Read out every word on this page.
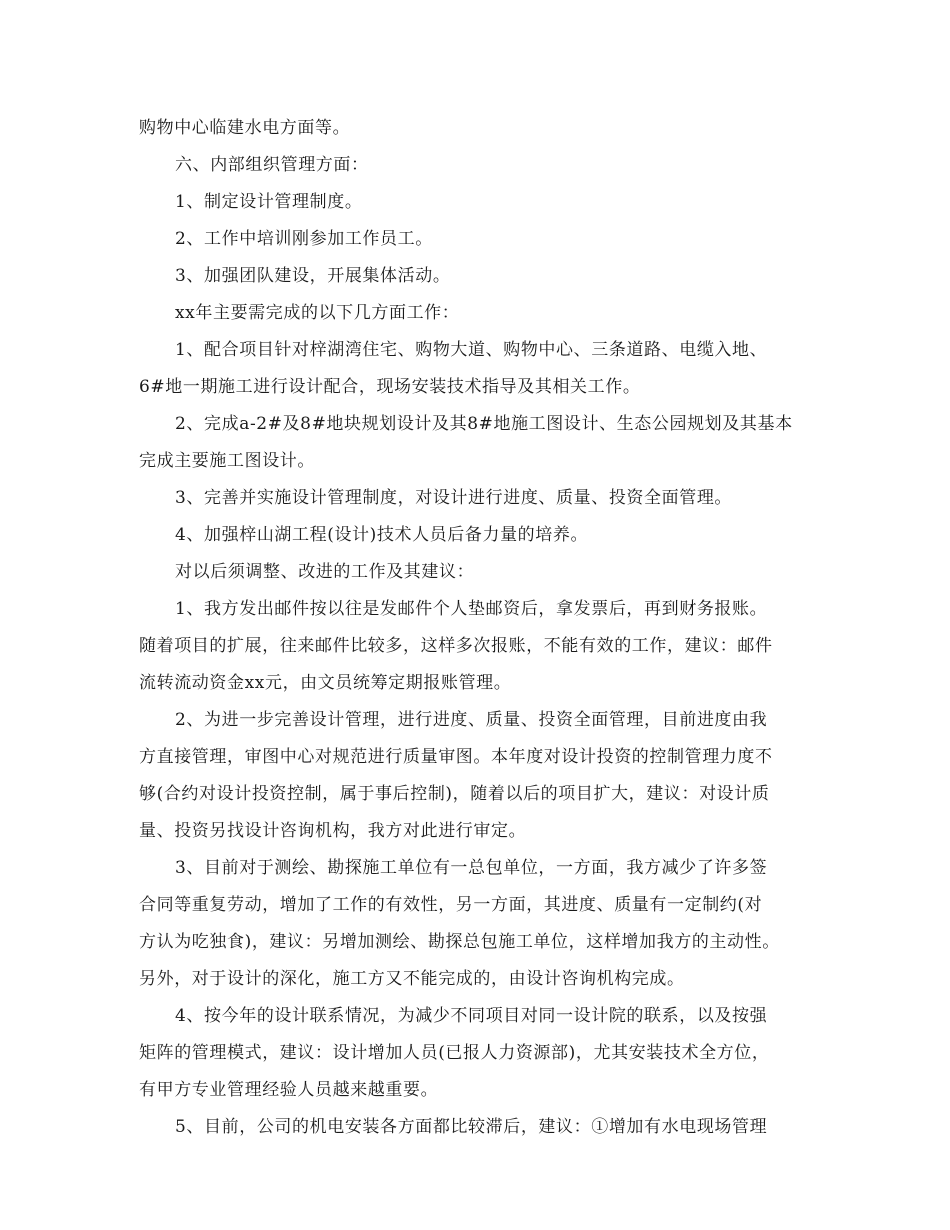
购物中心临建水电方面等。

六、内部组织管理方面：

1、制定设计管理制度。

2、工作中培训刚参加工作员工。

3、加强团队建设，开展集体活动。

xx年主要需完成的以下几方面工作：

1、配合项目针对梓湖湾住宅、购物大道、购物中心、三条道路、电缆入地、

6#地一期施工进行设计配合，现场安装技术指导及其相关工作。

2、完成a-2#及8#地块规划设计及其8#地施工图设计、生态公园规划及其基本

完成主要施工图设计。

3、完善并实施设计管理制度，对设计进行进度、质量、投资全面管理。

4、加强梓山湖工程(设计)技术人员后备力量的培养。

对以后须调整、改进的工作及其建议：

1、我方发出邮件按以往是发邮件个人垫邮资后，拿发票后，再到财务报账。

随着项目的扩展，往来邮件比较多，这样多次报账，不能有效的工作，建议：邮件

流转流动资金xx元，由文员统筹定期报账管理。

2、为进一步完善设计管理，进行进度、质量、投资全面管理，目前进度由我

方直接管理，审图中心对规范进行质量审图。本年度对设计投资的控制管理力度不

够(合约对设计投资控制，属于事后控制)，随着以后的项目扩大，建议：对设计质

量、投资另找设计咨询机构，我方对此进行审定。

3、目前对于测绘、勘探施工单位有一总包单位，一方面，我方减少了许多签

合同等重复劳动，增加了工作的有效性，另一方面，其进度、质量有一定制约(对

方认为吃独食)，建议：另增加测绘、勘探总包施工单位，这样增加我方的主动性。

另外，对于设计的深化，施工方又不能完成的，由设计咨询机构完成。

4、按今年的设计联系情况，为减少不同项目对同一设计院的联系，以及按强

矩阵的管理模式，建议：设计增加人员(已报人力资源部)，尤其安装技术全方位，

有甲方专业管理经验人员越来越重要。

5、目前，公司的机电安装各方面都比较滞后，建议：①增加有水电现场管理
